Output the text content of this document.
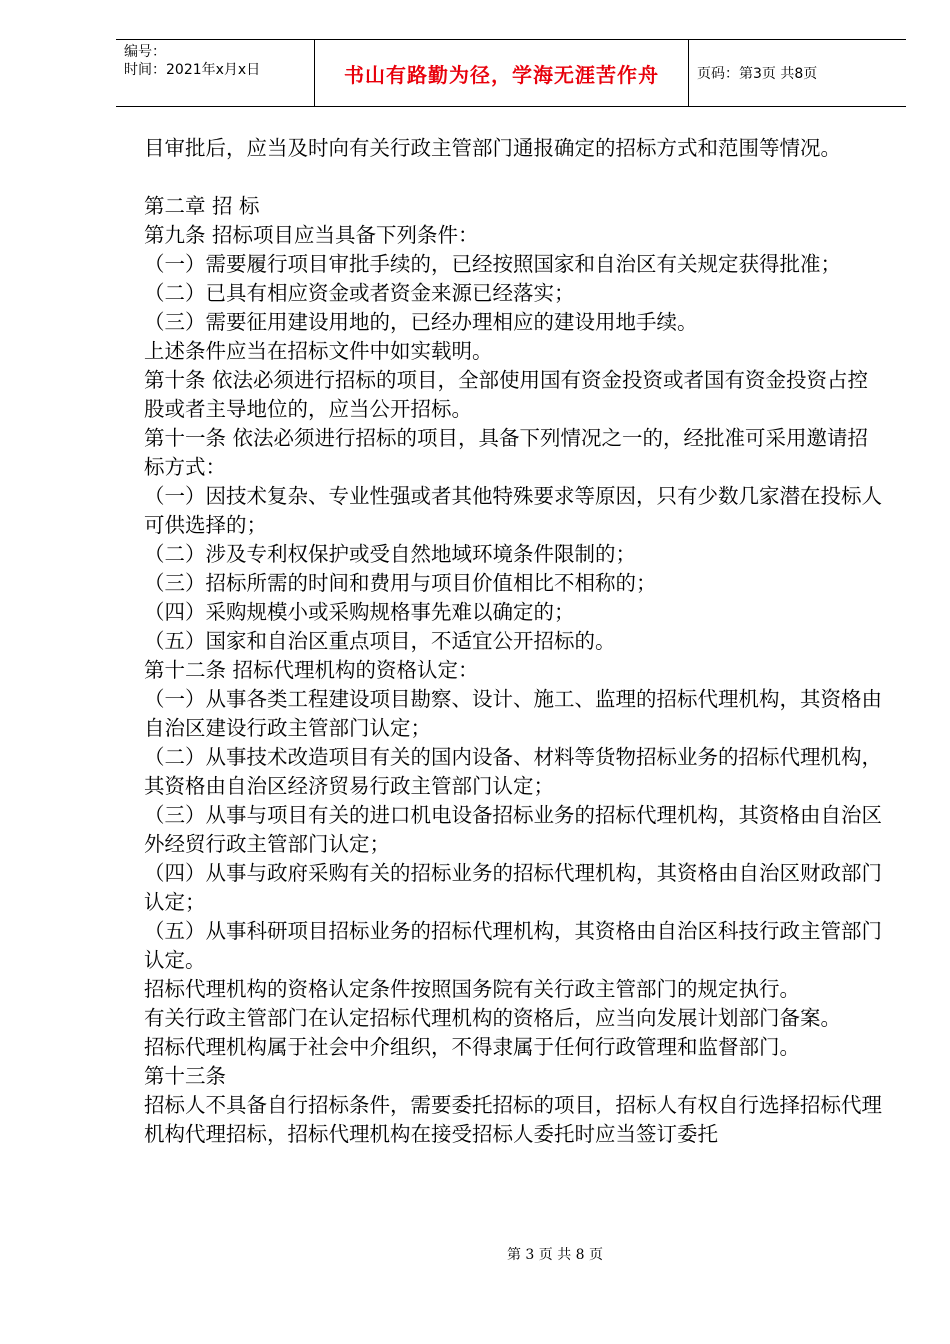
编号：
时间：2021年x月x日	书山有路勤为径，学海无涯苦作舟	页码：第3页 共8页

目审批后，应当及时向有关行政主管部门通报确定的招标方式和范围等情况。

第二章 招 标

第九条 招标项目应当具备下列条件：

（一）需要履行项目审批手续的，已经按照国家和自治区有关规定获得批准；

（二）已具有相应资金或者资金来源已经落实；

（三）需要征用建设用地的，已经办理相应的建设用地手续。

上述条件应当在招标文件中如实载明。

第十条 依法必须进行招标的项目，全部使用国有资金投资或者国有资金投资占控股或者主导地位的，应当公开招标。

第十一条 依法必须进行招标的项目，具备下列情况之一的，经批准可采用邀请招标方式：

（一）因技术复杂、专业性强或者其他特殊要求等原因，只有少数几家潜在投标人可供选择的；

（二）涉及专利权保护或受自然地域环境条件限制的；

（三）招标所需的时间和费用与项目价值相比不相称的；

（四）采购规模小或采购规格事先难以确定的；

（五）国家和自治区重点项目，不适宜公开招标的。

第十二条 招标代理机构的资格认定：

（一）从事各类工程建设项目勘察、设计、施工、监理的招标代理机构，其资格由自治区建设行政主管部门认定；

（二）从事技术改造项目有关的国内设备、材料等货物招标业务的招标代理机构，其资格由自治区经济贸易行政主管部门认定；

（三）从事与项目有关的进口机电设备招标业务的招标代理机构，其资格由自治区外经贸行政主管部门认定；

（四）从事与政府采购有关的招标业务的招标代理机构，其资格由自治区财政部门认定；

（五）从事科研项目招标业务的招标代理机构，其资格由自治区科技行政主管部门认定。

招标代理机构的资格认定条件按照国务院有关行政主管部门的规定执行。

有关行政主管部门在认定招标代理机构的资格后，应当向发展计划部门备案。

招标代理机构属于社会中介组织，不得隶属于任何行政管理和监督部门。

第十三条

招标人不具备自行招标条件，需要委托招标的项目，招标人有权自行选择招标代理机构代理招标，招标代理机构在接受招标人委托时应当签订委托

第 3 页 共 8 页
